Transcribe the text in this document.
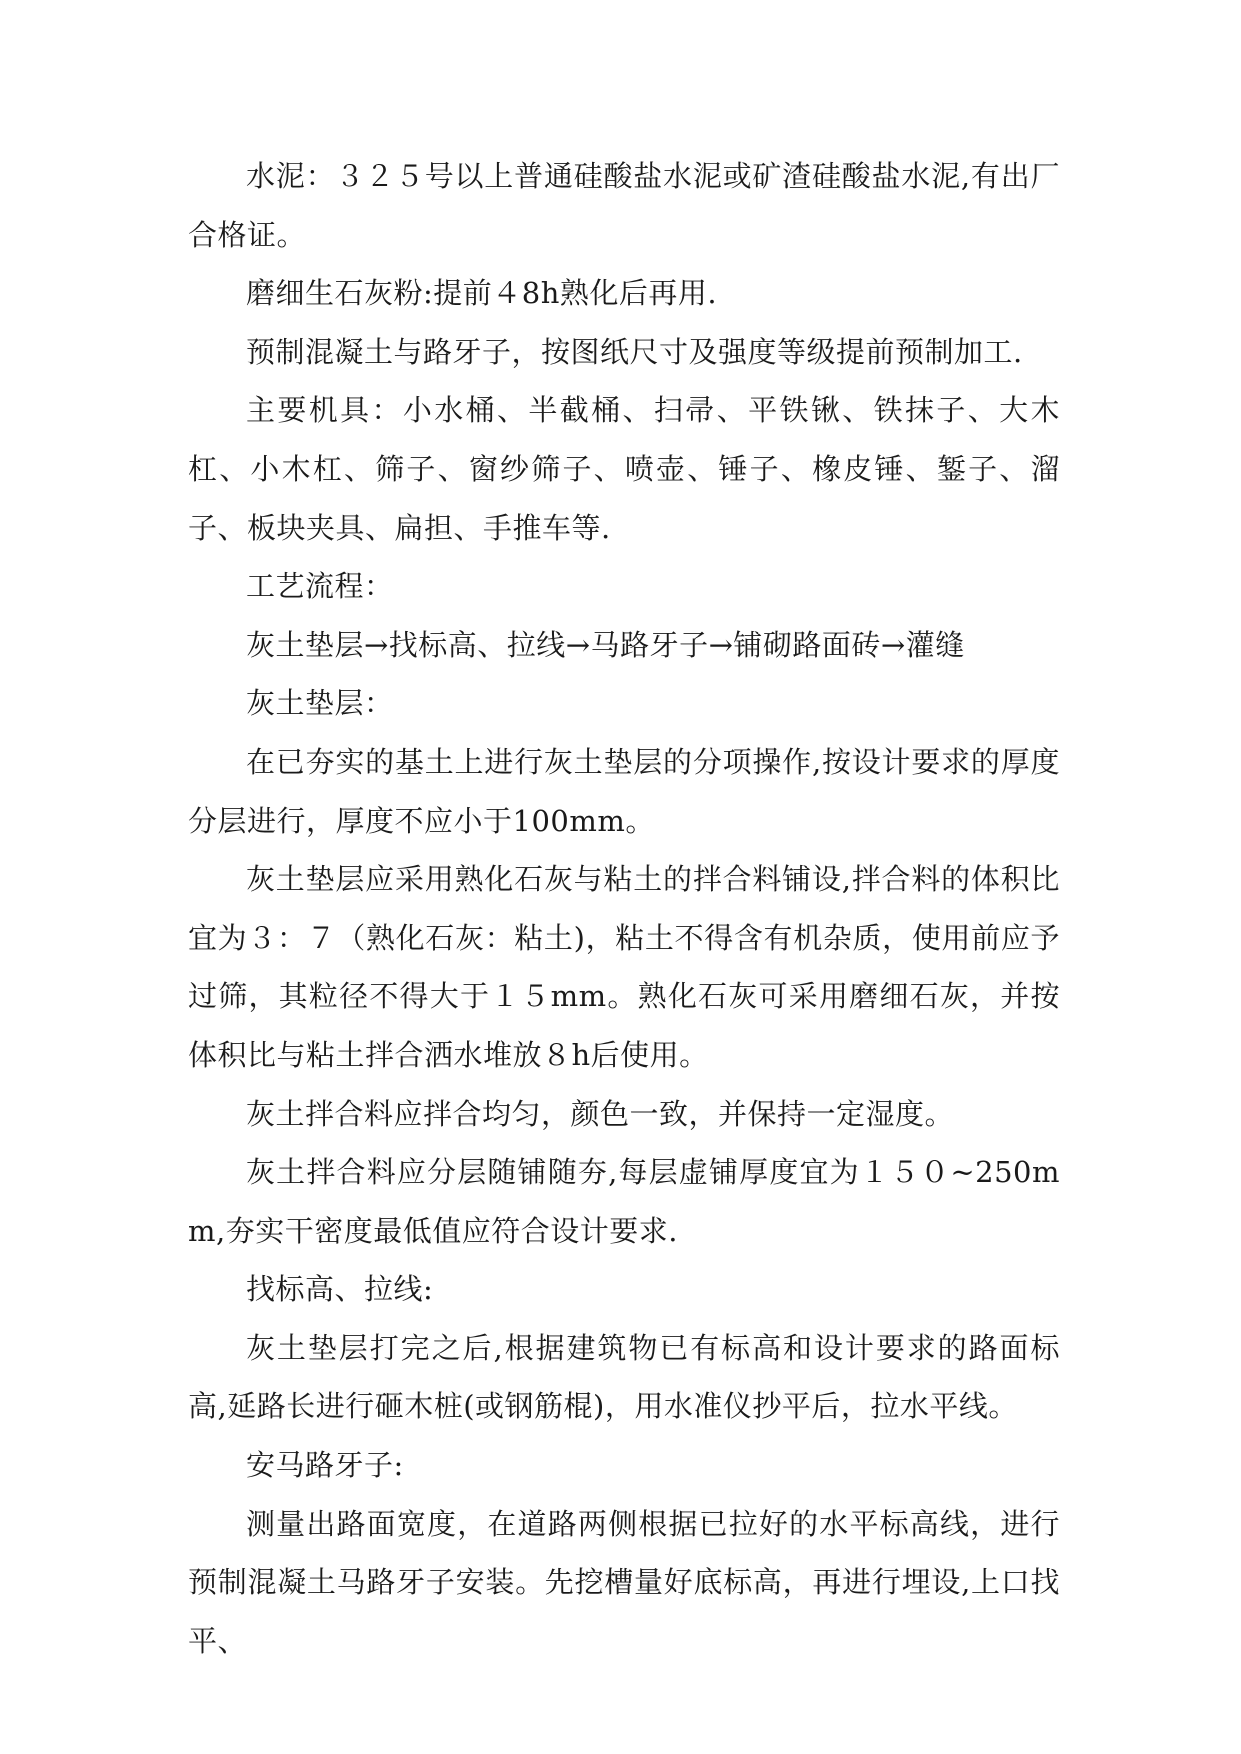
水泥：３２５号以上普通硅酸盐水泥或矿渣硅酸盐水泥,有出厂合格证。

磨细生石灰粉:提前４8h熟化后再用.

预制混凝土与路牙子，按图纸尺寸及强度等级提前预制加工.

主要机具：小水桶、半截桶、扫帚、平铁锹、铁抹子、大木杠、小木杠、筛子、窗纱筛子、喷壶、锤子、橡皮锤、錾子、溜子、板块夹具、扁担、手推车等.

工艺流程：

灰土垫层→找标高、拉线→马路牙子→铺砌路面砖→灌缝

灰土垫层：

在已夯实的基土上进行灰土垫层的分项操作,按设计要求的厚度分层进行，厚度不应小于100mm。

灰土垫层应采用熟化石灰与粘土的拌合料铺设,拌合料的体积比宜为３：７（熟化石灰：粘土)，粘土不得含有机杂质，使用前应予过筛，其粒径不得大于１５mm。熟化石灰可采用磨细石灰，并按体积比与粘土拌合洒水堆放８h后使用。

灰土拌合料应拌合均匀，颜色一致，并保持一定湿度。

灰土拌合料应分层随铺随夯,每层虚铺厚度宜为１５０~250mm,夯实干密度最低值应符合设计要求.

找标高、拉线:

灰土垫层打完之后,根据建筑物已有标高和设计要求的路面标高,延路长进行砸木桩(或钢筋棍)，用水准仪抄平后，拉水平线。

安马路牙子:

测量出路面宽度，在道路两侧根据已拉好的水平标高线，进行预制混凝土马路牙子安装。先挖槽量好底标高，再进行埋设,上口找平、
